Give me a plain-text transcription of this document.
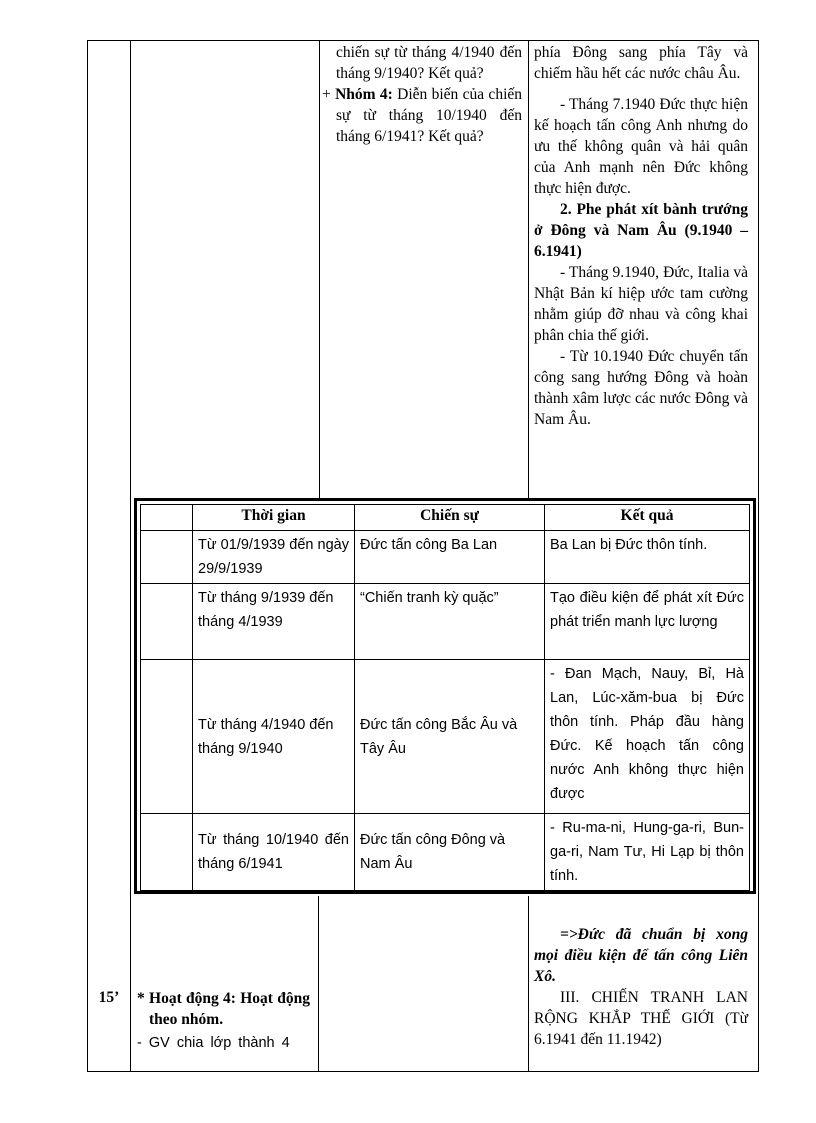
chiến sự từ tháng 4/1940 đến tháng 9/1940? Kết quả?

+ Nhóm 4: Diễn biến của chiến sự từ tháng 10/1940 đến tháng 6/1941? Kết quả?

phía Đông sang phía Tây và chiếm hầu hết các nước châu Âu.

- Tháng 7.1940 Đức thực hiện kế hoạch tấn công Anh nhưng do ưu thế không quân và hải quân của Anh mạnh nên Đức không thực hiện được.

2. Phe phát xít bành trướng ở Đông và Nam Âu (9.1940 – 6.1941)

- Tháng 9.1940, Đức, Italia và Nhật Bản kí hiệp ước tam cường nhằm giúp đỡ nhau và công khai phân chia thế giới.

- Từ 10.1940 Đức chuyển tấn công sang hướng Đông và hoàn thành xâm lược các nước Đông và Nam Âu.

	Thời gian	Chiến sự	Kết quả
	Từ 01/9/1939 đến ngày 29/9/1939	Đức tấn công Ba Lan	Ba Lan bị Đức thôn tính.
	Từ tháng 9/1939 đến tháng 4/1939	“Chiến tranh kỳ quặc”	Tạo điều kiện để phát xít Đức phát triển manh lực lượng
	Từ tháng 4/1940 đến tháng 9/1940	Đức tấn công Bắc Âu và Tây Âu	- Đan Mạch, Nauy, Bỉ, Hà Lan, Lúc-xăm-bua bị Đức thôn tính. Pháp đầu hàng Đức. Kế hoạch tấn công nước Anh không thực hiện được
	Từ tháng 10/1940 đến tháng 6/1941	Đức tấn công Đông và Nam Âu	- Ru-ma-ni, Hung-ga-ri, Bun-ga-ri, Nam Tư, Hi Lạp bị thôn tính.
15’	* Hoạt động 4: Hoạt động theo nhóm.

- GV chia lớp thành 4

=>Đức đã chuẩn bị xong mọi điều kiện để tấn công Liên Xô.

III. CHIẾN TRANH LAN RỘNG KHẮP THẾ GIỚI (Từ 6.1941 đến 11.1942)
